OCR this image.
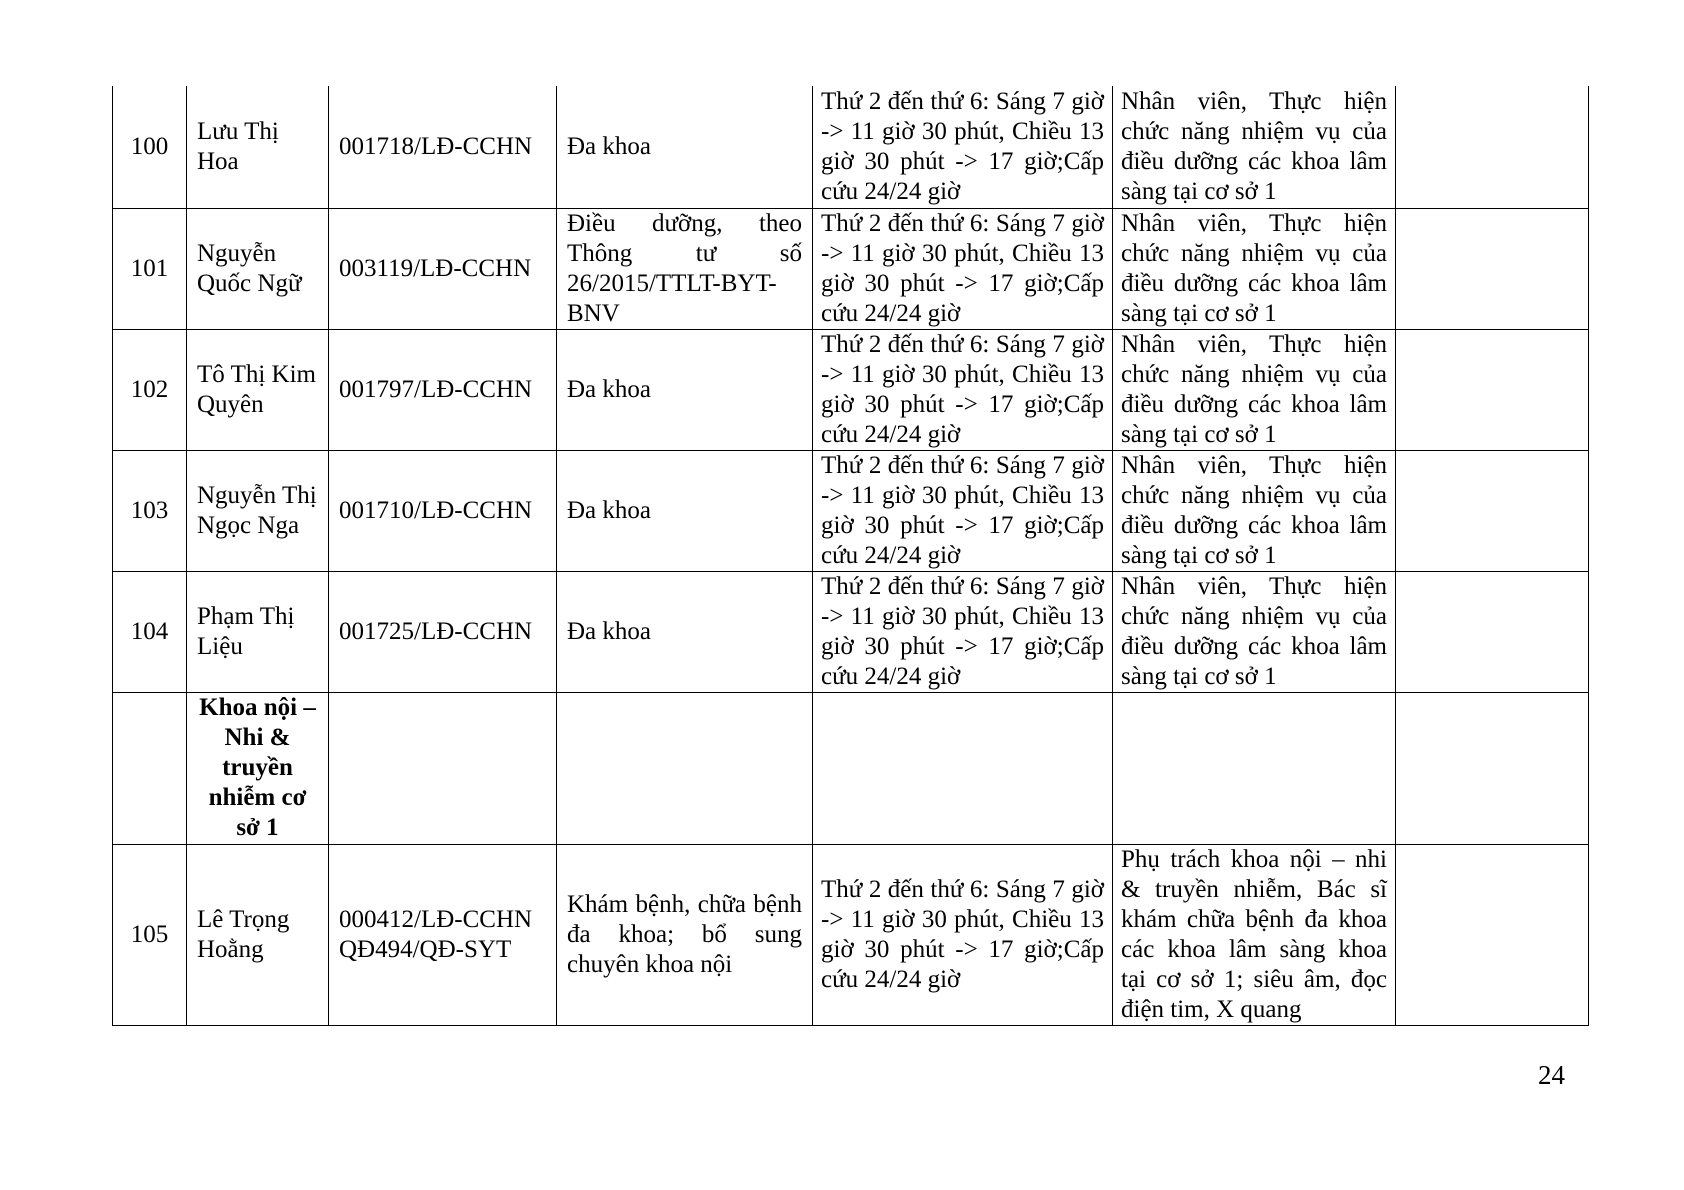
100	Lưu Thị Hoa	001718/LĐ-CCHN	Đa khoa	Thứ 2 đến thứ 6: Sáng 7 giờ -> 11 giờ 30 phút, Chiều 13 giờ 30 phút -> 17 giờ;Cấp cứu 24/24 giờ	Nhân viên, Thực hiện chức năng nhiệm vụ của điều dưỡng các khoa lâm sàng tại cơ sở 1	
101	Nguyễn Quốc Ngữ	003119/LĐ-CCHN	Điều dưỡng, theo Thông tư số 26/2015/TTLT-BYT-BNV	Thứ 2 đến thứ 6: Sáng 7 giờ -> 11 giờ 30 phút, Chiều 13 giờ 30 phút -> 17 giờ;Cấp cứu 24/24 giờ	Nhân viên, Thực hiện chức năng nhiệm vụ của điều dưỡng các khoa lâm sàng tại cơ sở 1	
102	Tô Thị Kim Quyên	001797/LĐ-CCHN	Đa khoa	Thứ 2 đến thứ 6: Sáng 7 giờ -> 11 giờ 30 phút, Chiều 13 giờ 30 phút -> 17 giờ;Cấp cứu 24/24 giờ	Nhân viên, Thực hiện chức năng nhiệm vụ của điều dưỡng các khoa lâm sàng tại cơ sở 1	
103	Nguyễn Thị Ngọc Nga	001710/LĐ-CCHN	Đa khoa	Thứ 2 đến thứ 6: Sáng 7 giờ -> 11 giờ 30 phút, Chiều 13 giờ 30 phút -> 17 giờ;Cấp cứu 24/24 giờ	Nhân viên, Thực hiện chức năng nhiệm vụ của điều dưỡng các khoa lâm sàng tại cơ sở 1	
104	Phạm Thị Liệu	001725/LĐ-CCHN	Đa khoa	Thứ 2 đến thứ 6: Sáng 7 giờ -> 11 giờ 30 phút, Chiều 13 giờ 30 phút -> 17 giờ;Cấp cứu 24/24 giờ	Nhân viên, Thực hiện chức năng nhiệm vụ của điều dưỡng các khoa lâm sàng tại cơ sở 1	
	Khoa nội – Nhi & truyền nhiễm cơ sở 1					
105	Lê Trọng Hoằng	000412/LĐ-CCHNQĐ494/QĐ-SYT	Khám bệnh, chữa bệnh đa khoa; bổ sung chuyên khoa nội	Thứ 2 đến thứ 6: Sáng 7 giờ -> 11 giờ 30 phút, Chiều 13 giờ 30 phút -> 17 giờ;Cấp cứu 24/24 giờ	Phụ trách khoa nội – nhi & truyền nhiễm, Bác sĩ khám chữa bệnh đa khoa các khoa lâm sàng khoa tại cơ sở 1; siêu âm, đọc điện tim, X quang	
24
